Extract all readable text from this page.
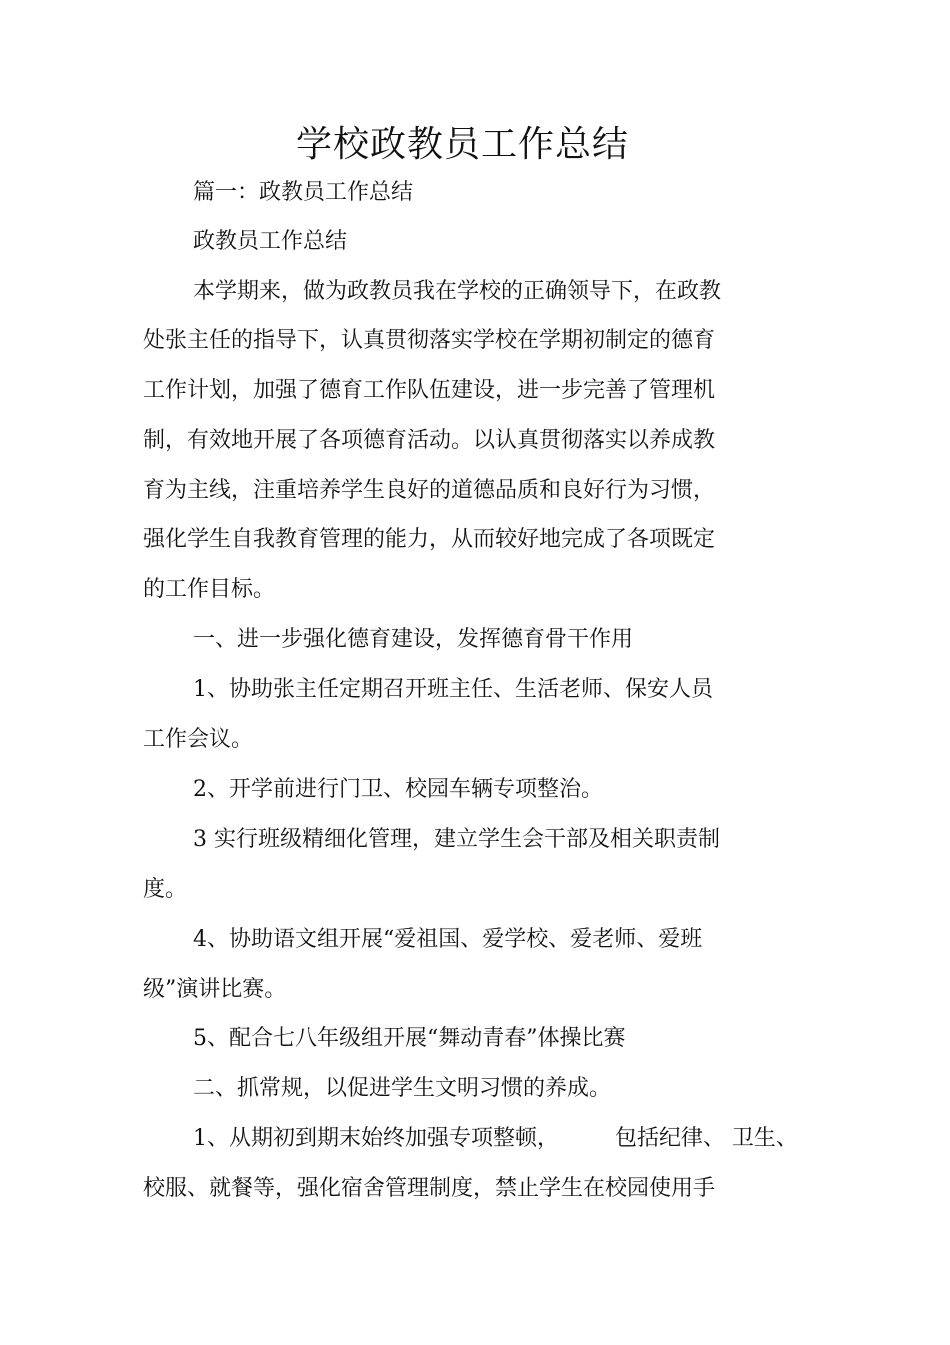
学校政教员工作总结
篇一：政教员工作总结
政教员工作总结
本学期来，做为政教员我在学校的正确领导下，在政教
处张主任的指导下，认真贯彻落实学校在学期初制定的德育
工作计划，加强了德育工作队伍建设，进一步完善了管理机
制，有效地开展了各项德育活动。以认真贯彻落实以养成教
育为主线，注重培养学生良好的道德品质和良好行为习惯，
强化学生自我教育管理的能力，从而较好地完成了各项既定
的工作目标。
一、进一步强化德育建设，发挥德育骨干作用
1、协助张主任定期召开班主任、生活老师、保安人员
工作会议。
2、开学前进行门卫、校园车辆专项整治。
3 实行班级精细化管理，建立学生会干部及相关职责制
度。
4、协助语文组开展“爱祖国、爱学校、爱老师、爱班
级”演讲比赛。
5、配合七八年级组开展“舞动青春”体操比赛
二、抓常规，以促进学生文明习惯的养成。
1、从期初到期末始终加强专项整顿，        包括纪律、 卫生、
校服、就餐等，强化宿舍管理制度，禁止学生在校园使用手
